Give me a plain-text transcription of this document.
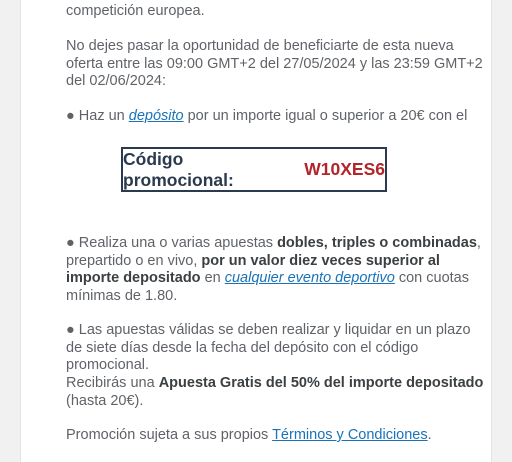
competición europea.

No dejes pasar la oportunidad de beneficiarte de esta nueva oferta entre las 09:00 GMT+2 del 27/05/2024 y las 23:59 GMT+2 del 02/06/2024:

● Haz un depósito por un importe igual o superior a 20€ con el

Código promocional:
W10XES6

● Realiza una o varias apuestas dobles, triples o combinadas, prepartido o en vivo, por un valor diez veces superior al importe depositado en cualquier evento deportivo con cuotas mínimas de 1.80.

● Las apuestas válidas se deben realizar y liquidar en un plazo de siete días desde la fecha del depósito con el código promocional.

Recibirás una Apuesta Gratis del 50% del importe depositado (hasta 20€).

Promoción sujeta a sus propios Términos y Condiciones.
